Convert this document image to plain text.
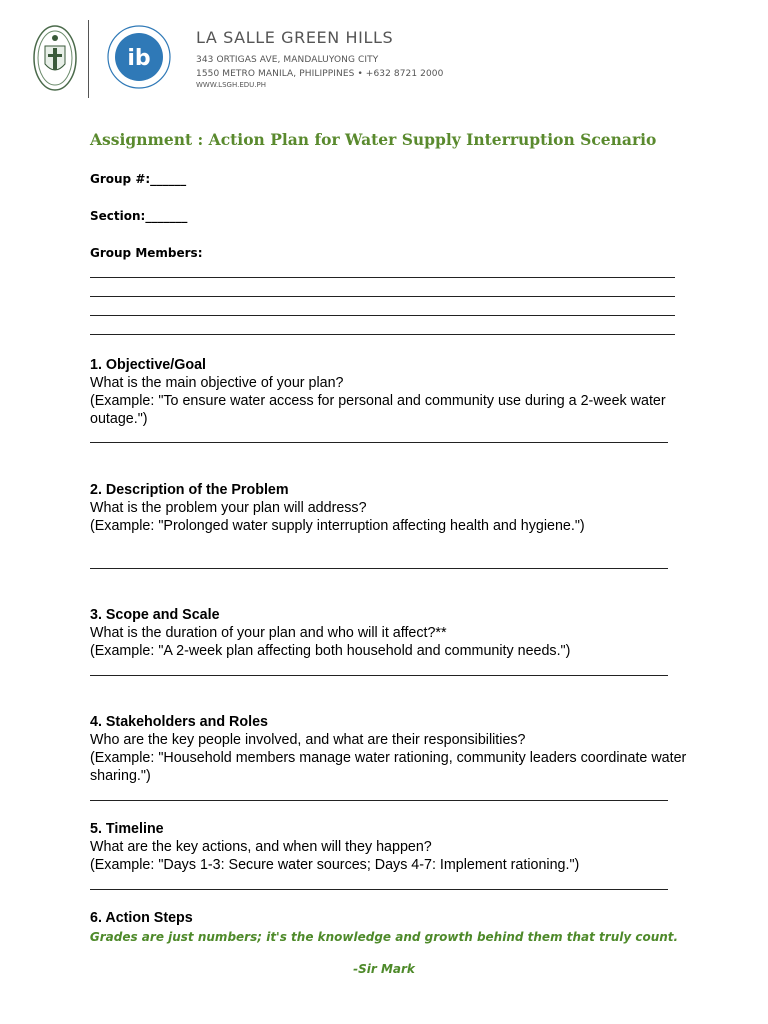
ib
LA SALLE GREEN HILLS
343 ORTIGAS AVE, MANDALUYONG CITY
1550 METRO MANILA, PHILIPPINES • +632 8721 2000
WWW.LSGH.EDU.PH
Assignment : Action Plan for Water Supply Interruption Scenario
Group #:______
Section:_______
Group Members:
1. Objective/Goal
What is the main objective of your plan?
(Example: "To ensure water access for personal and community use during a 2-week water outage.")
2. Description of the Problem
What is the problem your plan will address?
(Example: "Prolonged water supply interruption affecting health and hygiene.")
3. Scope and Scale
What is the duration of your plan and who will it affect?**
(Example: "A 2-week plan affecting both household and community needs.")
4. Stakeholders and Roles
Who are the key people involved, and what are their responsibilities?
(Example: "Household members manage water rationing, community leaders coordinate water sharing.")
5. Timeline
What are the key actions, and when will they happen?
(Example: "Days 1-3: Secure water sources; Days 4-7: Implement rationing.")
6. Action Steps
Grades are just numbers; it's the knowledge and growth behind them that truly count.
-Sir Mark
